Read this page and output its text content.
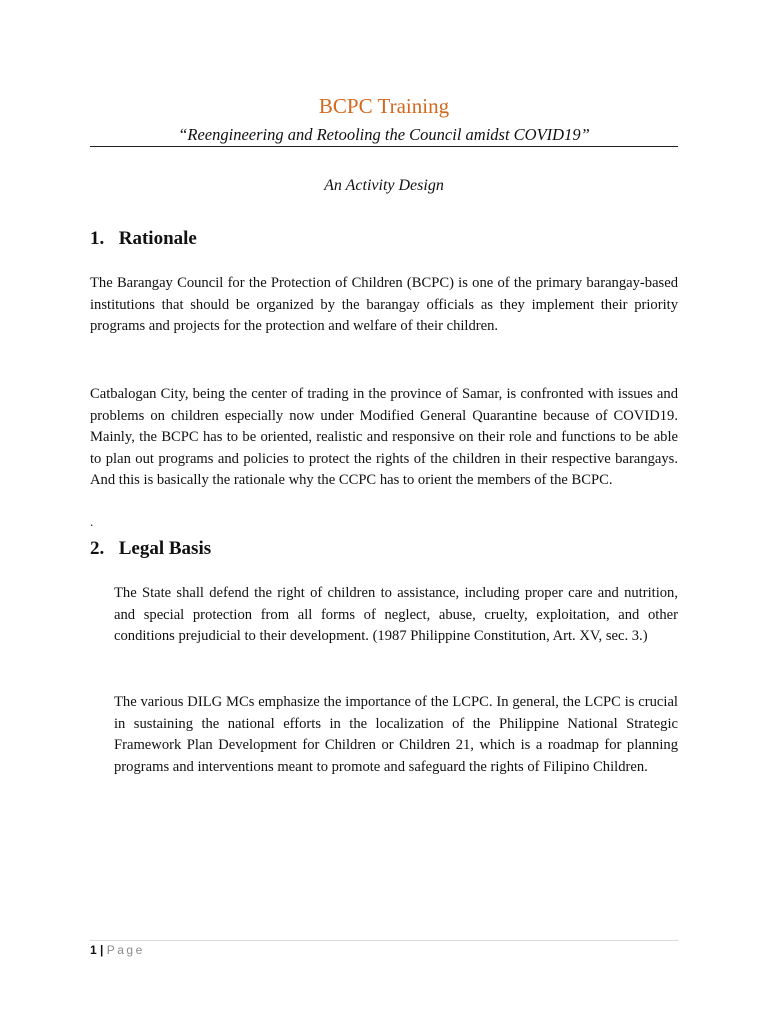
BCPC Training

“Reengineering and Retooling the Council amidst COVID19”

An Activity Design

1. Rationale

The Barangay Council for the Protection of Children (BCPC) is one of the primary barangay-based institutions that should be organized by the barangay officials as they implement their priority programs and projects for the protection and welfare of their children.

Catbalogan City, being the center of trading in the province of Samar, is confronted with issues and problems on children especially now under Modified General Quarantine because of COVID19. Mainly, the BCPC has to be oriented, realistic and responsive on their role and functions to be able to plan out programs and policies to protect the rights of the children in their respective barangays. And this is basically the rationale why the CCPC has to orient the members of the BCPC.

.

2. Legal Basis

The State shall defend the right of children to assistance, including proper care and nutrition, and special protection from all forms of neglect, abuse, cruelty, exploitation, and other conditions prejudicial to their development. (1987 Philippine Constitution, Art. XV, sec. 3.)

The various DILG MCs emphasize the importance of the LCPC. In general, the LCPC is crucial in sustaining the national efforts in the localization of the Philippine National Strategic Framework Plan Development for Children or Children 21, which is a roadmap for planning programs and interventions meant to promote and safeguard the rights of Filipino Children.

1 | Page
